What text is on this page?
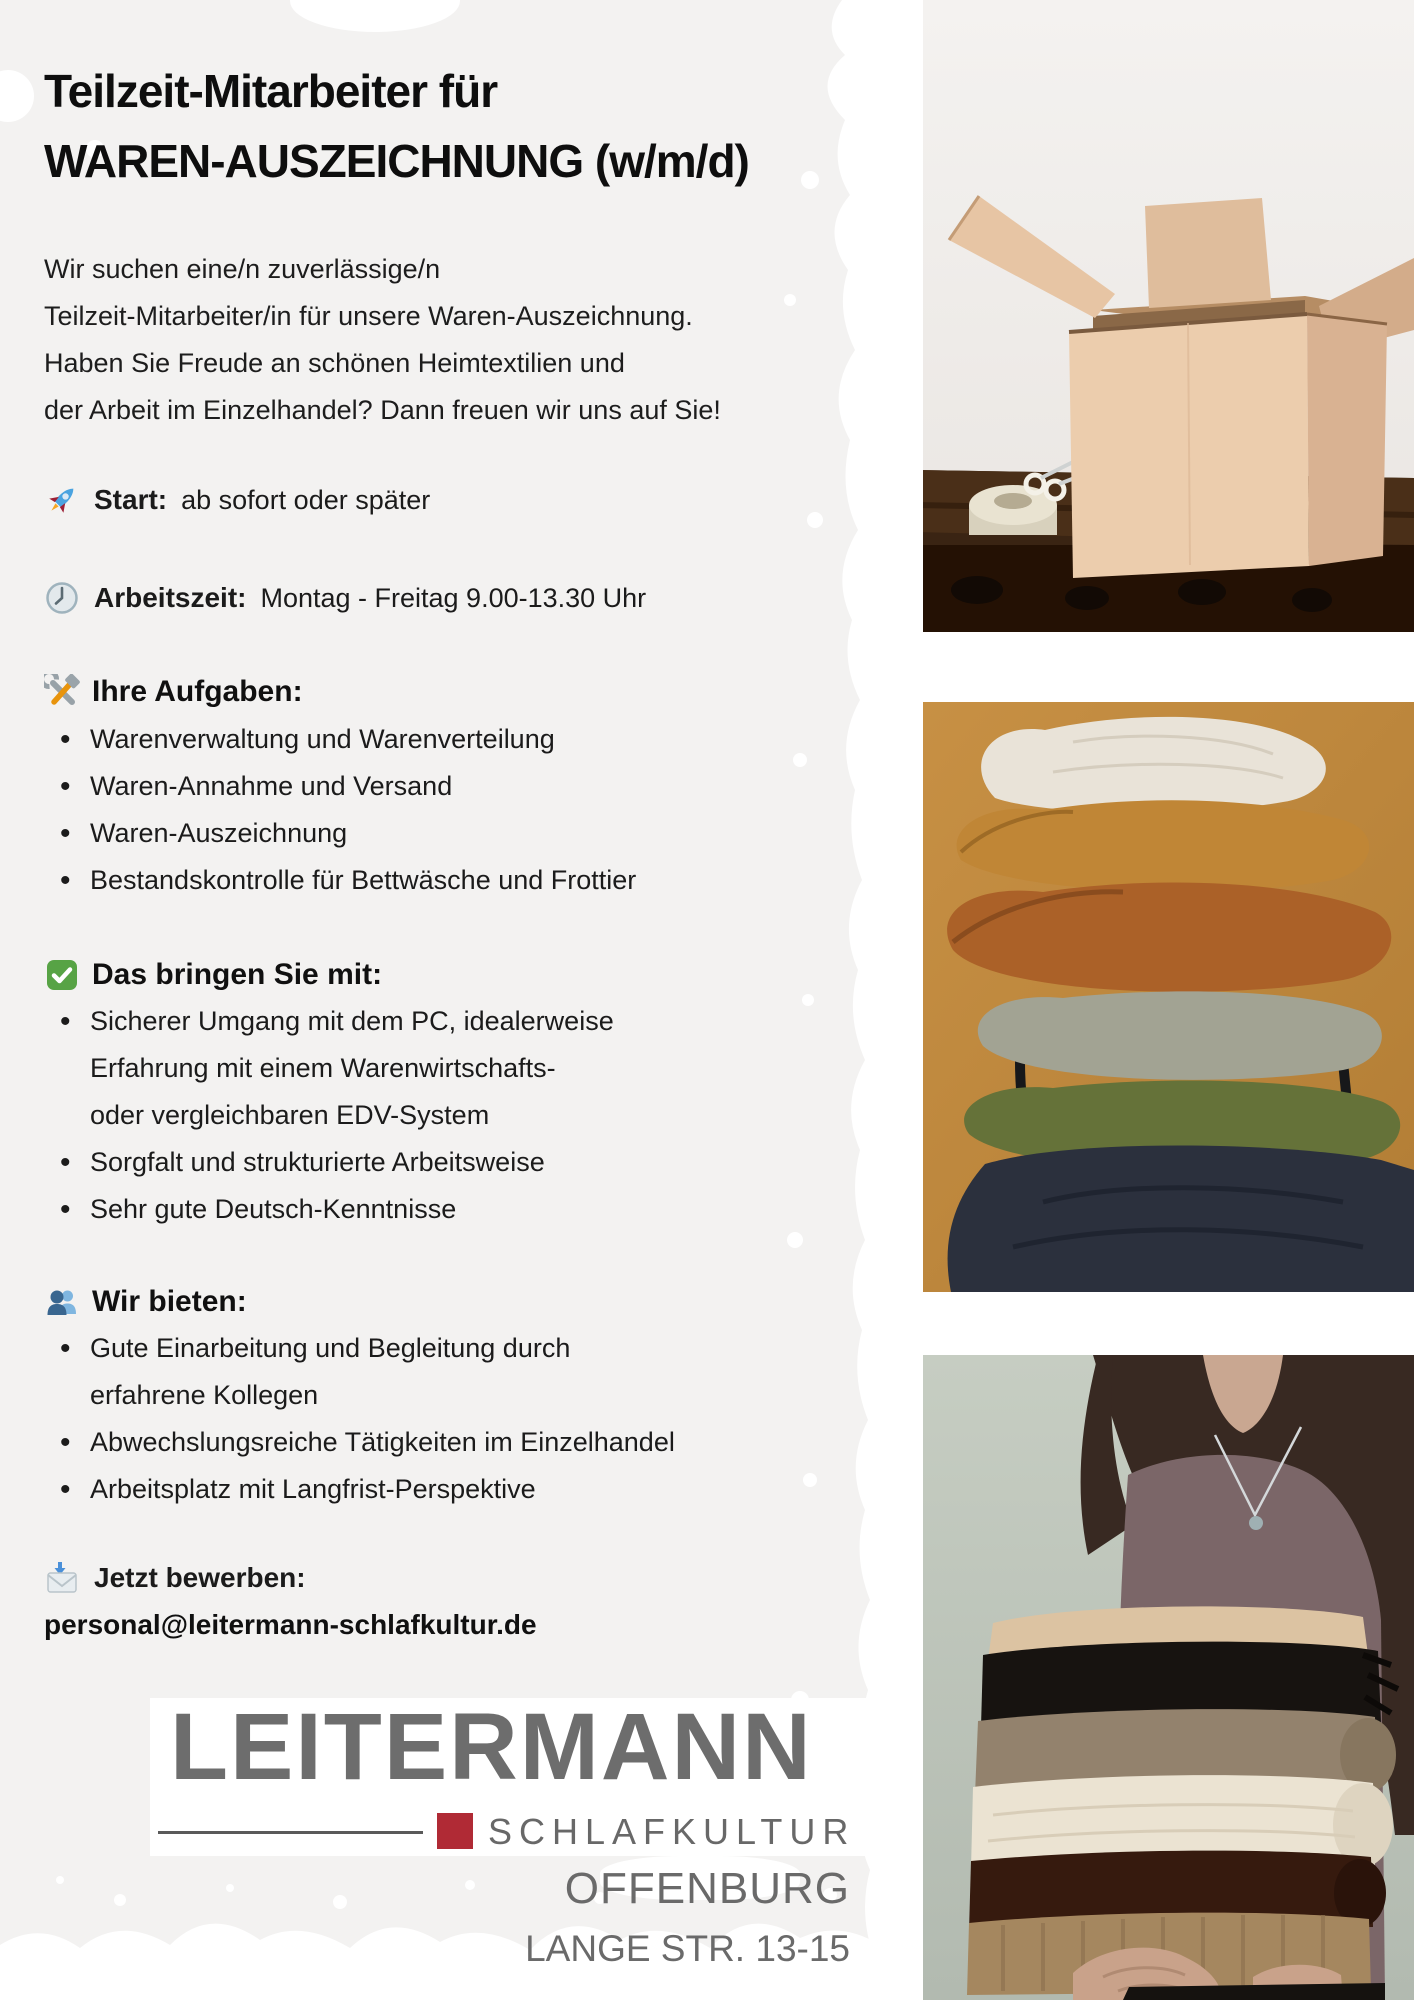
Teilzeit-Mitarbeiter für
WAREN-AUSZEICHNUNG (w/m/d)
Wir suchen eine/n zuverlässige/n
Teilzeit-Mitarbeiter/in für unsere Waren-Auszeichnung.
Haben Sie Freude an schönen Heimtextilien und
der Arbeit im Einzelhandel? Dann freuen wir uns auf Sie!
Start: ab sofort oder später
Arbeitszeit: Montag - Freitag 9.00-13.30 Uhr
Ihre Aufgaben:
• Warenverwaltung und Warenverteilung
• Waren-Annahme und Versand
• Waren-Auszeichnung
• Bestandskontrolle für Bettwäsche und Frottier
Das bringen Sie mit:
• Sicherer Umgang mit dem PC, idealerweise
Erfahrung mit einem Warenwirtschafts-
oder vergleichbaren EDV-System
• Sorgfalt und strukturierte Arbeitsweise
• Sehr gute Deutsch-Kenntnisse
Wir bieten:
• Gute Einarbeitung und Begleitung durch
erfahrene Kollegen
• Abwechslungsreiche Tätigkeiten im Einzelhandel
• Arbeitsplatz mit Langfrist-Perspektive
Jetzt bewerben:
personal@leitermann-schlafkultur.de
LEITERMANN
SCHLAFKULTUR
OFFENBURG
LANGE STR. 13-15
